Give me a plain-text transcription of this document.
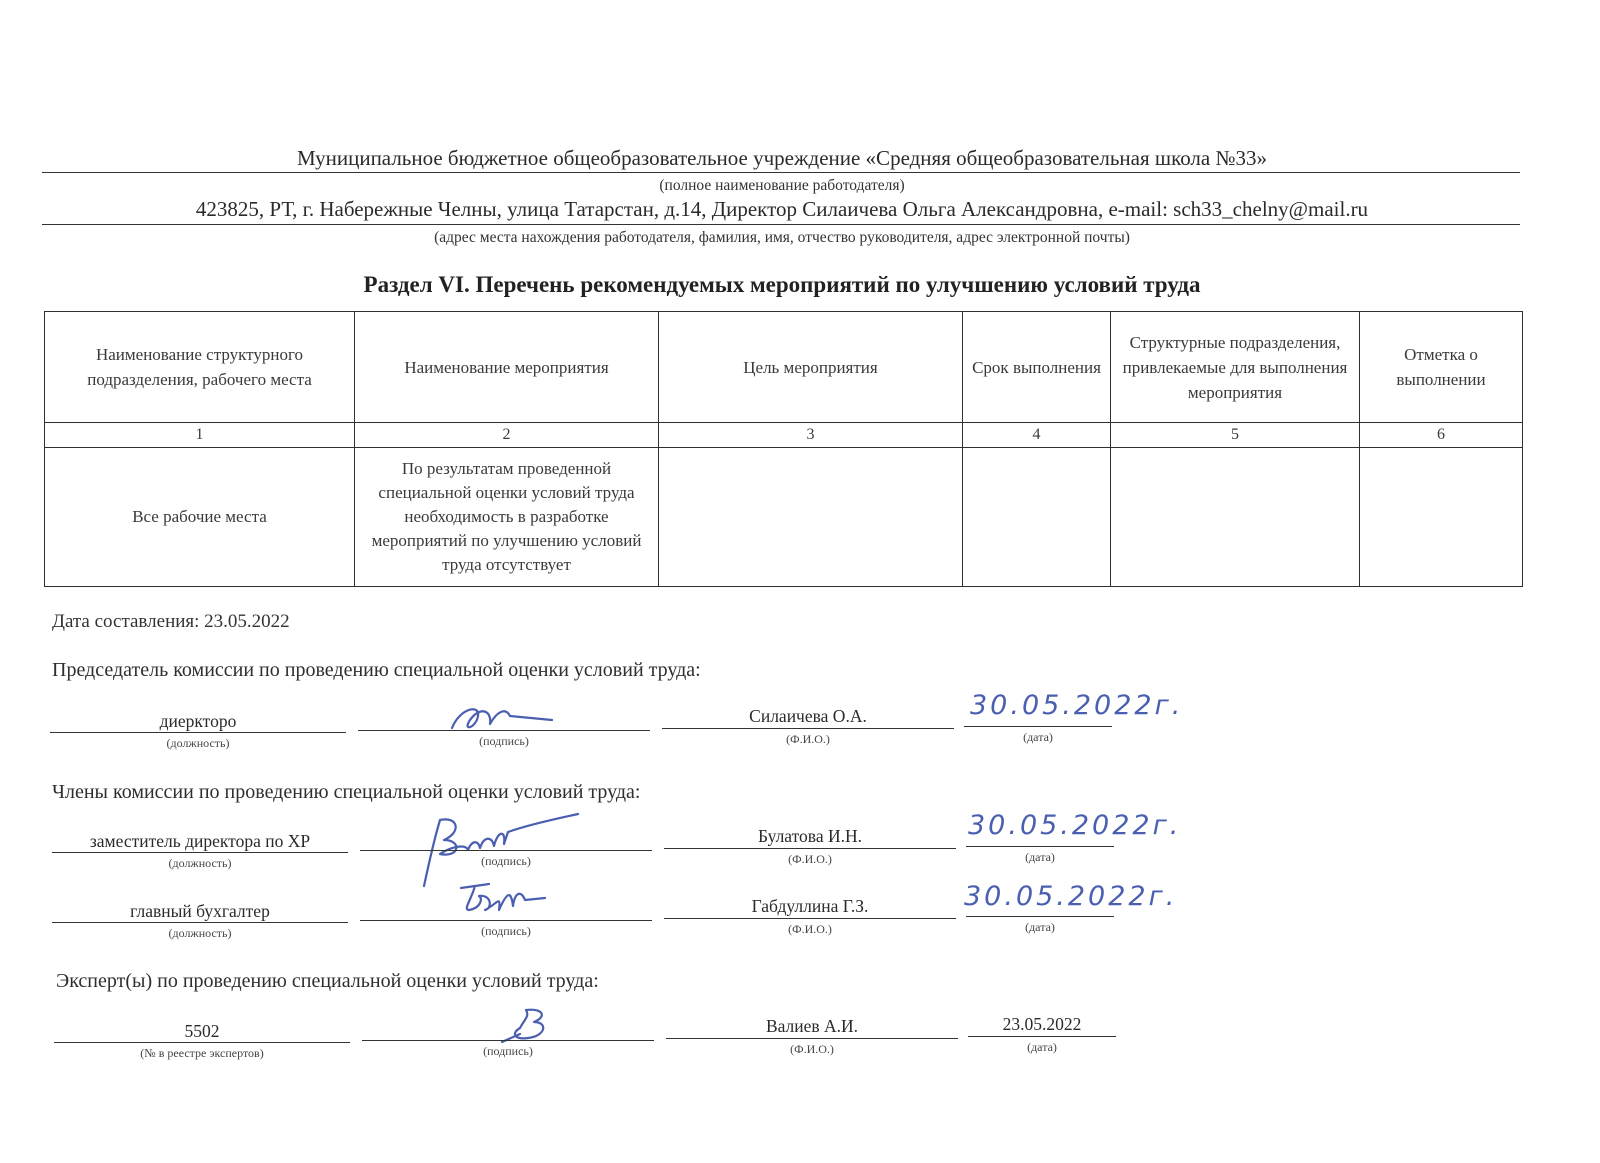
Муниципальное бюджетное общеобразовательное учреждение «Средняя общеобразовательная школа №33»
(полное наименование работодателя)
423825, РТ, г. Набережные Челны, улица Татарстан, д.14, Директор Силаичева Ольга Александровна, e-mail: sch33_chelny@mail.ru
(адрес места нахождения работодателя, фамилия, имя, отчество руководителя, адрес электронной почты)
Раздел VI. Перечень рекомендуемых мероприятий по улучшению условий труда
Наименование структурного подразделения, рабочего места	Наименование мероприятия	Цель мероприятия	Срок выполнения	Структурные подразделения, привлекаемые для выполнения мероприятия	Отметка о выполнении
1	2	3	4	5	6
Все рабочие места	По результатам проведенной специальной оценки условий труда необходимость в разработке мероприятий по улучшению условий труда отсутствует				
Дата составления: 23.05.2022
Председатель комиссии по проведению специальной оценки условий труда:
диеркторо
(должность)	(подпись)
Силаичева О.А.
(Ф.И.О.)
30.05.2022г.
(дата)
Члены комиссии по проведению специальной оценки условий труда:
заместитель директора по ХР
(должность)	(подпись)
Булатова И.Н.
(Ф.И.О.)
30.05.2022г.
(дата)
главный бухгалтер
(должность)	(подпись)
Габдуллина Г.З.
(Ф.И.О.)
30.05.2022г.
(дата)
Эксперт(ы) по проведению специальной оценки условий труда:
5502
(№ в реестре экспертов)	(подпись)
Валиев А.И.
(Ф.И.О.)
23.05.2022
(дата)
